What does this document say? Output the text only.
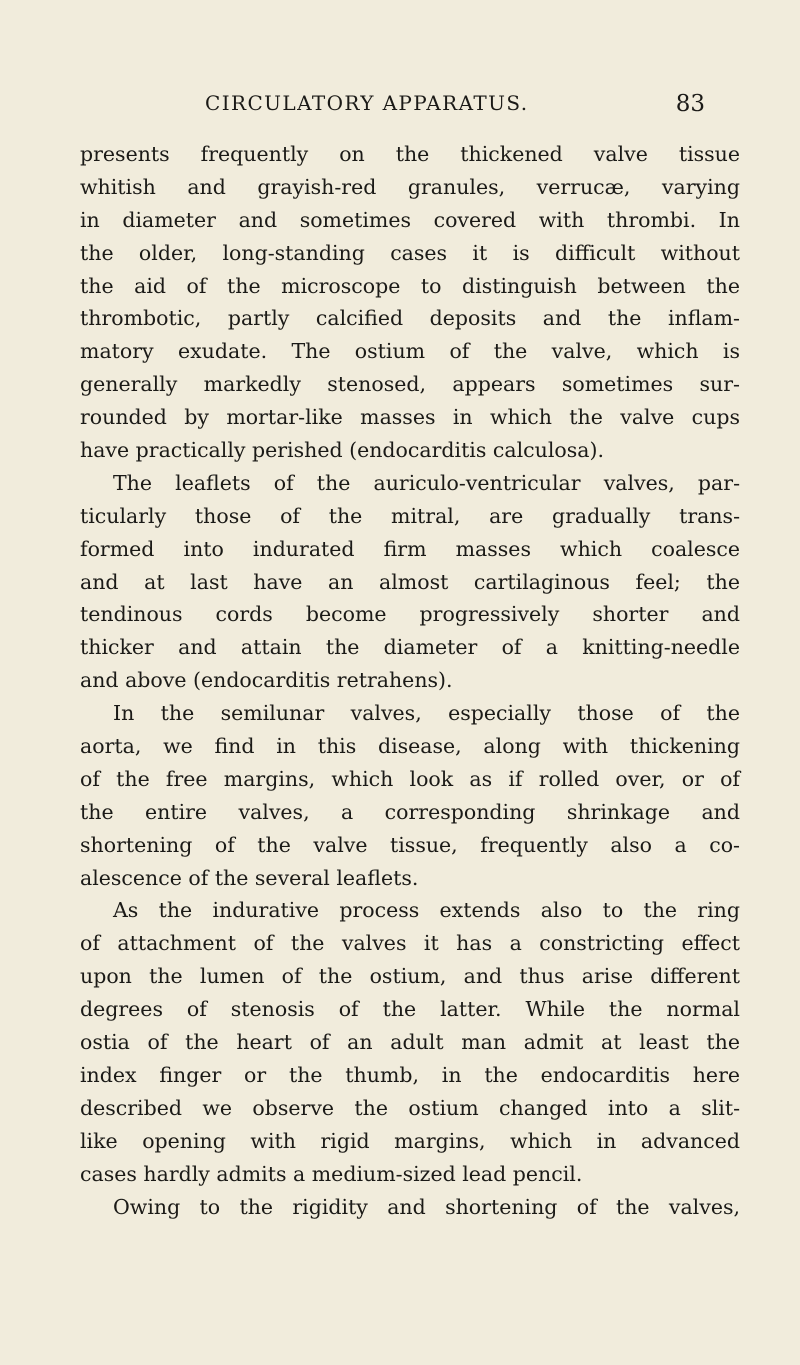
CIRCULATORY APPARATUS.	83
presents frequently on the thickened valve tissue
whitish and grayish-red granules, verrucæ, varying
in diameter and sometimes covered with thrombi. In
the older, long-standing cases it is difficult without
the aid of the microscope to distinguish between the
thrombotic, partly calcified deposits and the inflam-
matory exudate. The ostium of the valve, which is
generally markedly stenosed, appears sometimes sur-
rounded by mortar-like masses in which the valve cups
have practically perished (endocarditis calculosa).
The leaflets of the auriculo-ventricular valves, par-
ticularly those of the mitral, are gradually trans-
formed into indurated firm masses which coalesce
and at last have an almost cartilaginous feel; the
tendinous cords become progressively shorter and
thicker and attain the diameter of a knitting-needle
and above (endocarditis retrahens).
In the semilunar valves, especially those of the
aorta, we find in this disease, along with thickening
of the free margins, which look as if rolled over, or of
the entire valves, a corresponding shrinkage and
shortening of the valve tissue, frequently also a co-
alescence of the several leaflets.
As the indurative process extends also to the ring
of attachment of the valves it has a constricting effect
upon the lumen of the ostium, and thus arise different
degrees of stenosis of the latter. While the normal
ostia of the heart of an adult man admit at least the
index finger or the thumb, in the endocarditis here
described we observe the ostium changed into a slit-
like opening with rigid margins, which in advanced
cases hardly admits a medium-sized lead pencil.
Owing to the rigidity and shortening of the valves,
